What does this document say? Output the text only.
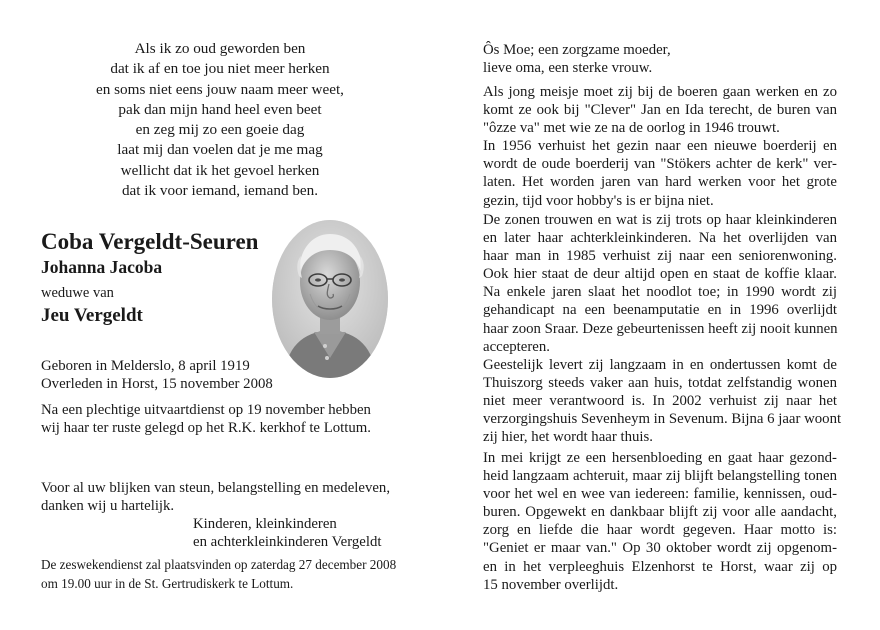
Als ik zo oud geworden ben
dat ik af en toe jou niet meer herken
en soms niet eens jouw naam meer weet,
pak dan mijn hand heel even beet
en zeg mij zo een goeie dag
laat mij dan voelen dat je me mag
wellicht dat ik het gevoel herken
dat ik voor iemand, iemand ben.
Coba Vergeldt-Seuren
Johanna Jacoba
weduwe van
Jeu Vergeldt
Geboren in Melderslo, 8 april 1919
Overleden in Horst, 15 november 2008
Na een plechtige uitvaartdienst op 19 november hebben
wij haar ter ruste gelegd op het R.K. kerkhof te Lottum.
Voor al uw blijken van steun, belangstelling en medeleven,
danken wij u hartelijk.
Kinderen, kleinkinderen
en achterkleinkinderen Vergeldt
De zeswekendienst zal plaatsvinden op zaterdag 27 december 2008
om 19.00 uur in de St. Gertrudiskerk te Lottum.
Ôs Moe; een zorgzame moeder,
lieve oma, een sterke vrouw.
Als jong meisje moet zij bij de boeren gaan werken en zo
komt ze ook bij "Clever" Jan en Ida terecht, de buren van
"ôzze va" met wie ze na de oorlog in 1946 trouwt.
In 1956 verhuist het gezin naar een nieuwe boerderij en
wordt de oude boerderij van "Stökers achter de kerk" ver-
laten. Het worden jaren van hard werken voor het grote
gezin, tijd voor hobby's is er bijna niet.
De zonen trouwen en wat is zij trots op haar kleinkinderen
en later haar achterkleinkinderen. Na het overlijden van
haar man in 1985 verhuist zij naar een seniorenwoning.
Ook hier staat de deur altijd open en staat de koffie klaar.
Na enkele jaren slaat het noodlot toe; in 1990 wordt zij
gehandicapt na een beenamputatie en in 1996 overlijdt
haar zoon Sraar. Deze gebeurtenissen heeft zij nooit kunnen
accepteren.
Geestelijk levert zij langzaam in en ondertussen komt de
Thuiszorg steeds vaker aan huis, totdat zelfstandig wonen
niet meer verantwoord is. In 2002 verhuist zij naar het
verzorgingshuis Sevenheym in Sevenum. Bijna 6 jaar woont
zij hier, het wordt haar thuis.
In mei krijgt ze een hersenbloeding en gaat haar gezond-
heid langzaam achteruit, maar zij blijft belangstelling tonen
voor het wel en wee van iedereen: familie, kennissen, oud-
buren. Opgewekt en dankbaar blijft zij voor alle aandacht,
zorg en liefde die haar wordt gegeven. Haar motto is:
"Geniet er maar van." Op 30 oktober wordt zij opgenom-
en in het verpleeghuis Elzenhorst te Horst, waar zij op
15 november overlijdt.
